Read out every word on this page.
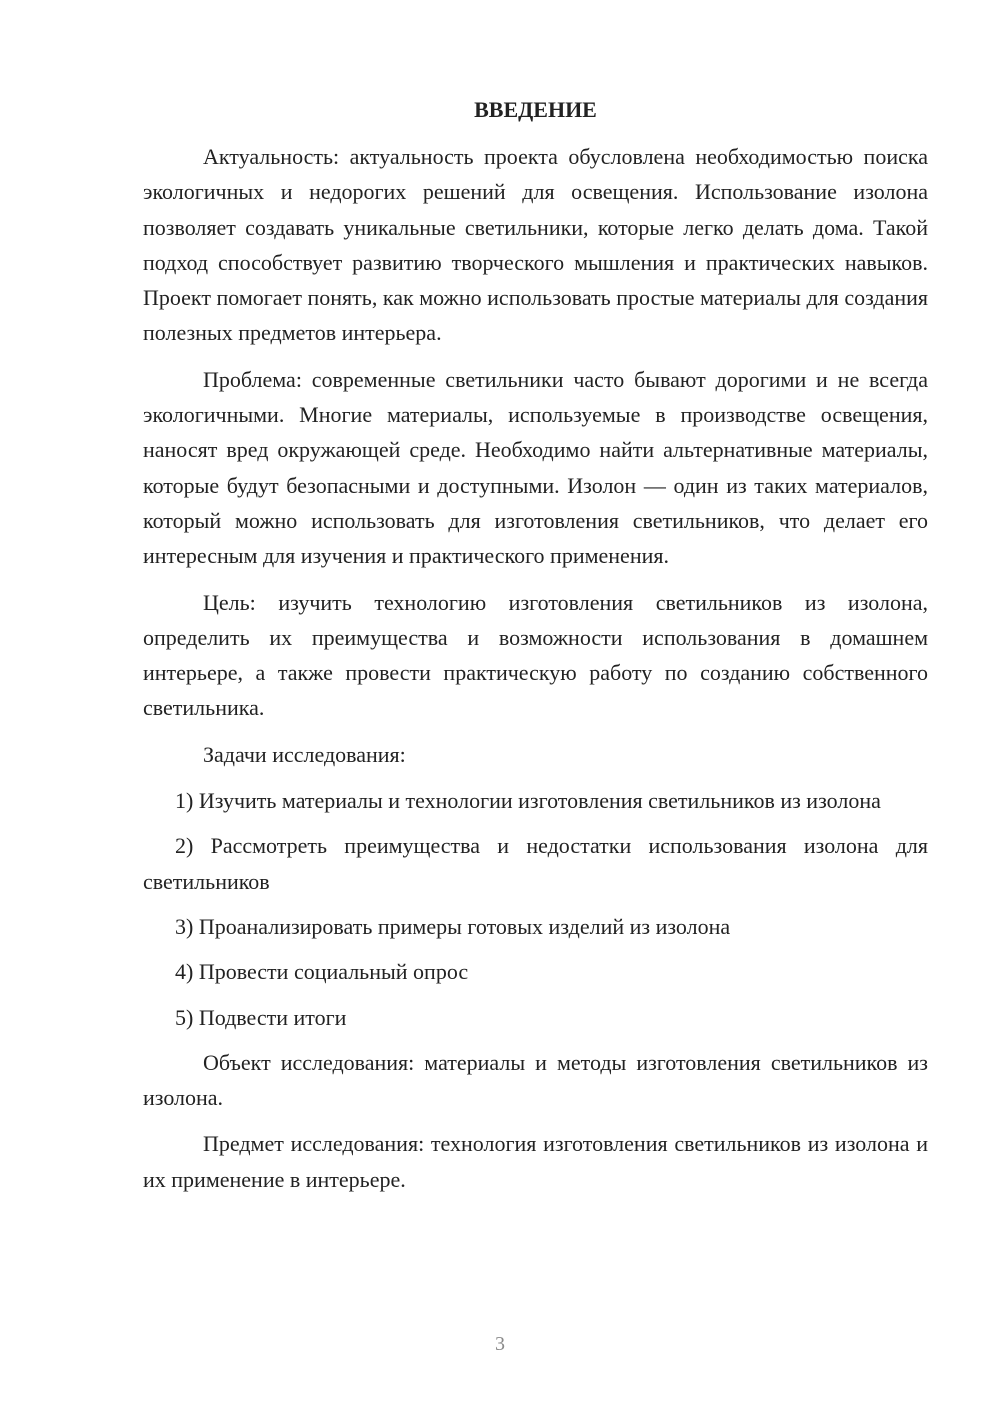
ВВЕДЕНИЕ

Актуальность: актуальность проекта обусловлена необходимостью поиска экологичных и недорогих решений для освещения. Использование изолона позволяет создавать уникальные светильники, которые легко делать дома. Такой подход способствует развитию творческого мышления и практических навыков. Проект помогает понять, как можно использовать простые материалы для создания полезных предметов интерьера.

Проблема: современные светильники часто бывают дорогими и не всегда экологичными. Многие материалы, используемые в производстве освещения, наносят вред окружающей среде. Необходимо найти альтернативные материалы, которые будут безопасными и доступными. Изолон — один из таких материалов, который можно использовать для изготовления светильников, что делает его интересным для изучения и практического применения.

Цель: изучить технологию изготовления светильников из изолона, определить их преимущества и возможности использования в домашнем интерьере, а также провести практическую работу по созданию собственного светильника.

Задачи исследования:

1) Изучить материалы и технологии изготовления светильников из изолона

2) Рассмотреть преимущества и недостатки использования изолона для светильников

3) Проанализировать примеры готовых изделий из изолона

4) Провести социальный опрос

5) Подвести итоги

Объект исследования: материалы и методы изготовления светильников из изолона.

Предмет исследования: технология изготовления светильников из изолона и их применение в интерьере.

3
